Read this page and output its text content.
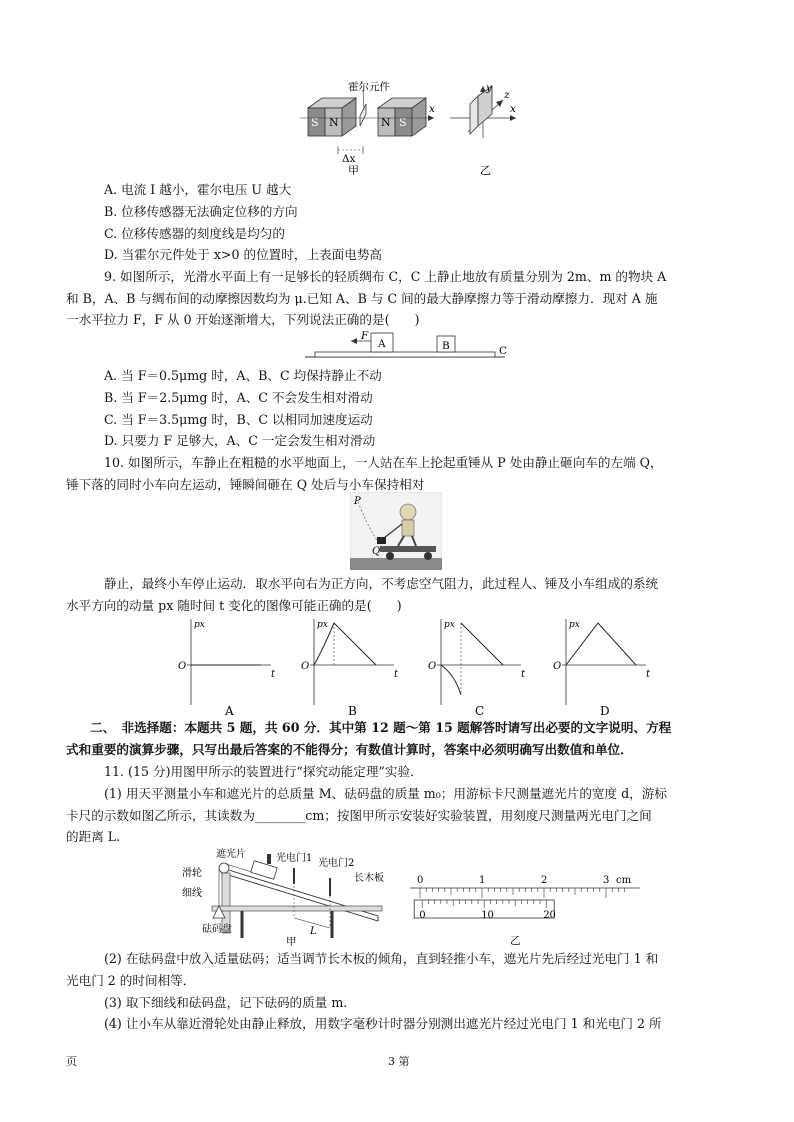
S N
霍尔元件
N S
x
Δx
甲
y
z
x
乙
A. 电流 I 越小，霍尔电压 U 越大
B. 位移传感器无法确定位移的方向
C. 位移传感器的刻度线是均匀的
D. 当霍尔元件处于 x>0 的位置时，上表面电势高
9. 如图所示，光滑水平面上有一足够长的轻质绸布 C，C 上静止地放有质量分别为 2m、m 的物块 A
和 B，A、B 与绸布间的动摩擦因数均为 μ.已知 A、B 与 C 间的最大静摩擦力等于滑动摩擦力．现对 A 施
一水平拉力 F，F 从 0 开始逐渐增大，下列说法正确的是(　　)
F
A	B	C
A. 当 F＝0.5μmg 时，A、B、C 均保持静止不动
B. 当 F＝2.5μmg 时，A、C 不会发生相对滑动
C. 当 F＝3.5μmg 时，B、C 以相同加速度运动
D. 只要力 F 足够大，A、C 一定会发生相对滑动
10. 如图所示，车静止在粗糙的水平地面上，一人站在车上抡起重锤从 P 处由静止砸向车的左端 Q，
锤下落的同时小车向左运动，锤瞬间砸在 Q 处后与小车保持相对
P
Q
静止，最终小车停止运动．取水平向右为正方向，不考虑空气阻力，此过程人、锤及小车组成的系统
水平方向的动量 px 随时间 t 变化的图像可能正确的是(　　)
px
t
O
A
px
t
O
B
px
t
O
C
px
t
O
D
二、　非选择题：本题共 5 题，共 60 分．其中第 12 题～第 15 题解答时请写出必要的文字说明、方程
式和重要的演算步骤，只写出最后答案的不能得分；有数值计算时，答案中必须明确写出数值和单位．
11. (15 分)用图甲所示的装置进行“探究动能定理”实验．
(1) 用天平测量小车和遮光片的总质量 M、砝码盘的质量 m₀；用游标卡尺测量遮光片的宽度 d，游标
卡尺的示数如图乙所示，其读数为________cm；按图甲所示安装好实验装置，用刻度尺测量两光电门之间
的距离 L.
遮光片	光电门1 光电门2
滑轮
细线
长木板
砝码盘	L
甲
0	1	2	3 cm
0	10	20
乙
(2) 在砝码盘中放入适量砝码；适当调节长木板的倾角，直到轻推小车，遮光片先后经过光电门 1 和
光电门 2 的时间相等．
(3) 取下细线和砝码盘，记下砝码的质量 m.
(4) 让小车从靠近滑轮处由静止释放，用数字毫秒计时器分别测出遮光片经过光电门 1 和光电门 2 所
页	3 第
